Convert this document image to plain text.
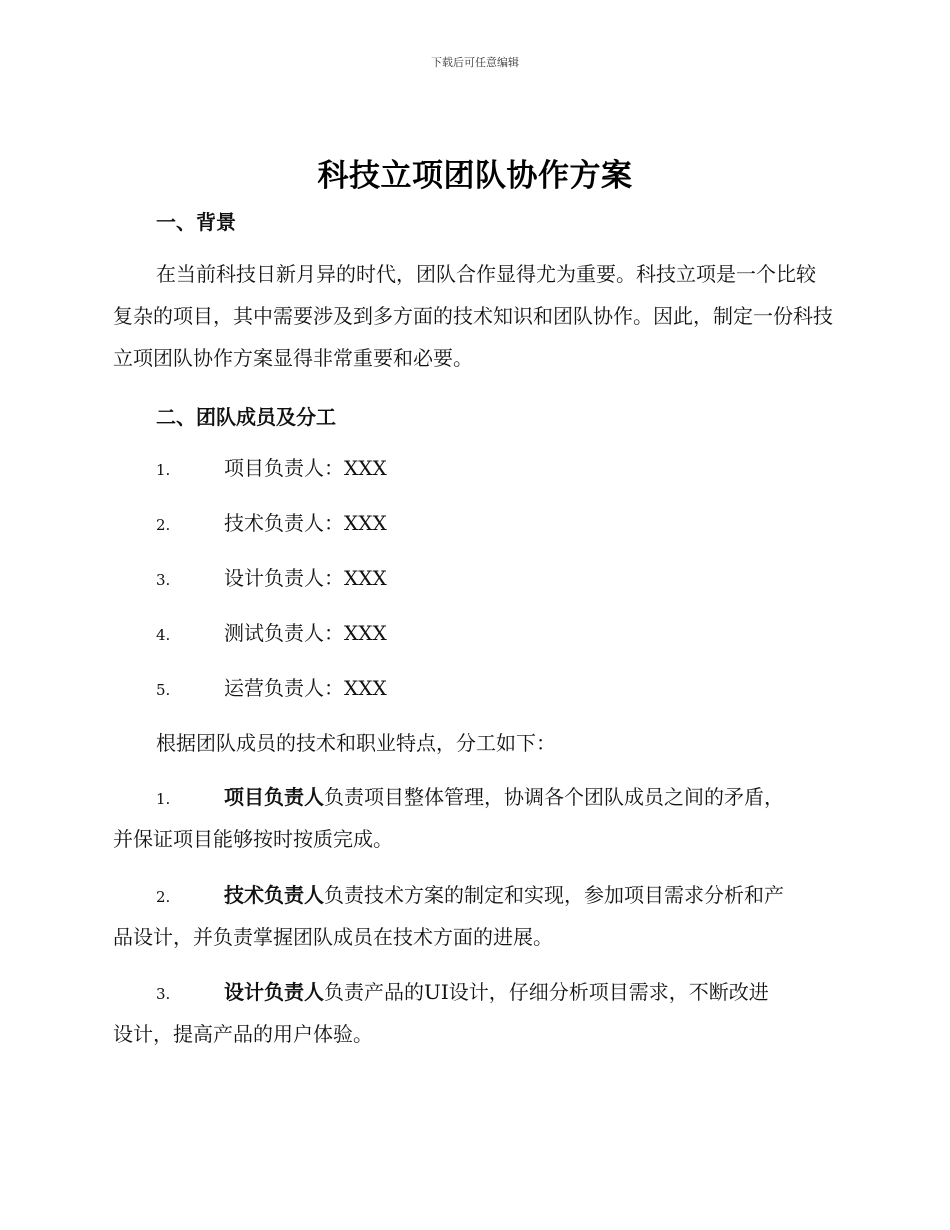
下载后可任意编辑
科技立项团队协作方案
一、背景
在当前科技日新月异的时代，团队合作显得尤为重要。科技立项是一个比较复杂的项目，其中需要涉及到多方面的技术知识和团队协作。因此，制定一份科技立项团队协作方案显得非常重要和必要。
二、团队成员及分工
1.	项目负责人：XXX
2.	技术负责人：XXX
3.	设计负责人：XXX
4.	测试负责人：XXX
5.	运营负责人：XXX
根据团队成员的技术和职业特点，分工如下：
1.	项目负责人负责项目整体管理，协调各个团队成员之间的矛盾，
并保证项目能够按时按质完成。
2.	技术负责人负责技术方案的制定和实现，参加项目需求分析和产
品设计，并负责掌握团队成员在技术方面的进展。
3.	设计负责人负责产品的UI设计，仔细分析项目需求，不断改进
设计，提高产品的用户体验。
